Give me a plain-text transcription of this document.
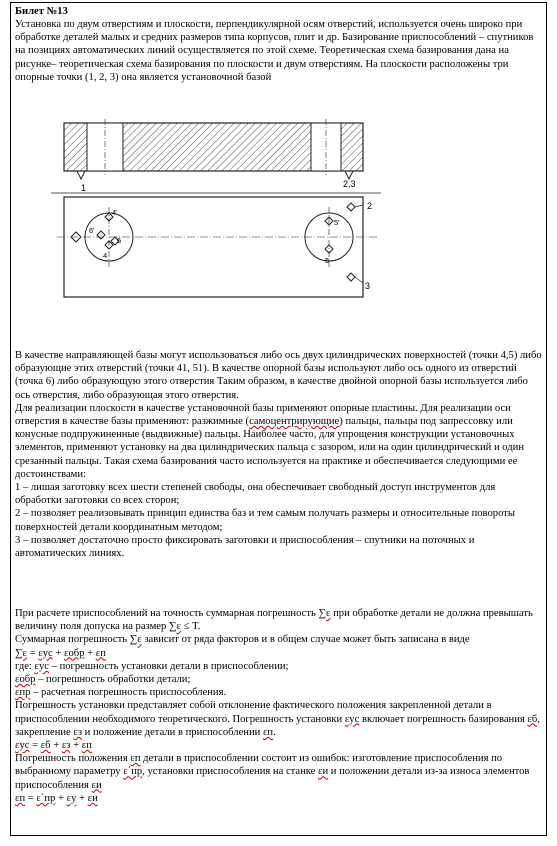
Билет №13

Установка по двум отверстиям и плоскости, перпендикулярной осям отверстий, используется очень широко при обработке деталей малых и средних размеров типа корпусов, плит и др. Базирование приспособлений – спутников на позициях автоматических линий осуществляется по этой схеме. Теоретическая схема базирования дана на рисунке– теоретическая схема базирования по плоскости и двум отверстиям. На плоскости расположены три опорные точки (1, 2, 3) она является установочной базой

1	2,3
2
3
4'
6'
4
6
5'
5

В качестве направляющей базы могут использоваться либо ось двух цилиндрических поверхностей (точки 4,5) либо образующие этих отверстий (точки 41, 51). В качестве опорной базы используют либо ось одного из отверстий (точка 6) либо образующую этого отверстия Таким образом, в качестве двойной опорной базы используется либо ось отверстия, либо образующая этого отверстия.

Для реализации плоскости в качестве установочной базы применяют опорные пластины. Для реализации оси отверстия в качестве базы применяют: разжимные (самоцентрирующие) пальцы, пальцы под запрессовку или конусные подпружиненные (выдвижные) пальцы. Наиболее часто, для упрощения конструкции установочных элементов, применяют установку на два цилиндрических пальца с зазором, или на один цилиндрический и один срезанный пальцы. Такая схема базирования часто используется на практике и обеспечивается следующими ее достоинствами:

1 – лишая заготовку всех шести степеней свободы, она обеспечивает свободный доступ инструментов для обработки заготовки со всех сторон;

2 – позволяет реализовывать принцип единства баз и тем самым получать размеры и относительные повороты поверхностей детали координатным методом;

3 – позволяет достаточно просто фиксировать заготовки и приспособления – спутники на поточных и автоматических линиях.

При расчете приспособлений на точность суммарная погрешность ∑ε при обработке детали не должна превышать величину поля допуска на размер ∑ε ≤ T.

Суммарная погрешность ∑ε зависит от ряда факторов и в общем случае может быть записана в виде

∑ε = εус + εобр + εп

где: εус – погрешность установки детали в приспособлении;

εобр – погрешность обработки детали;

εпр – расчетная погрешность приспособления.

Погрешность установки представляет собой отклонение фактического положения закрепленной детали в приспособлении необходимого теоретического. Погрешность установки εус включает погрешность базирования εб, закрепление εз и положение детали в приспособлении εп.

εус = εб + εз + εп

Погрешность положения εп детали в приспособлении состоит из ошибок: изготовление приспособления по выбранному параметру ε΄пр, установки приспособления на станке εи и положении детали из-за износа элементов приспособления εи

εп = ε΄пр + εу + εи
